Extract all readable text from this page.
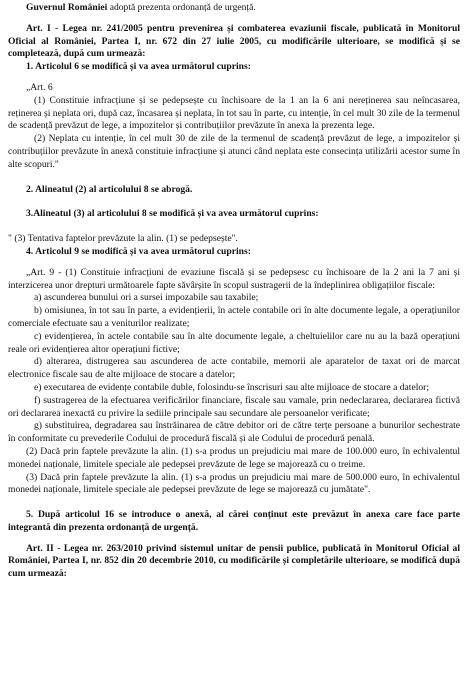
Guvernul României adoptă prezenta ordonanță de urgență.

Art. I - Legea nr. 241/2005 pentru prevenirea și combaterea evaziunii fiscale, publicată în Monitorul Oficial al României, Partea I, nr. 672 din 27 iulie 2005, cu modificările ulterioare, se modifică și se completează, după cum urmează:

1. Articolul 6 se modifică și va avea următorul cuprins:

„Art. 6

(1) Constituie infracțiune și se pedepsește cu închisoare de la 1 an la 6 ani nereținerea sau neîncasarea, reținerea și neplata ori, după caz, încasarea și neplata, în tot sau în parte, cu intenție, în cel mult 30 zile de la termenul de scadență prevăzut de lege, a impozitelor și contribuțiilor prevăzute în anexa la prezenta lege.

(2) Neplata cu intenție, în cel mult 30 de zile de la termenul de scadență prevăzut de lege, a impozitelor și contribuțiilor prevăzute în anexă constituie infracțiune și atunci când neplata este consecința utilizării acestor sume în alte scopuri."

2. Alineatul (2) al articolului 8 se abrogă.

3.Alineatul (3) al articolului 8 se modifică și va avea următorul cuprins:

" (3) Tentativa faptelor prevăzute la alin. (1) se pedepsește".

4. Articolul 9 se modifică și va avea următorul cuprins:

„Art. 9 - (1) Constituie infracțiuni de evaziune fiscală și se pedepsesc cu închisoare de la 2 ani la 7 ani și interzicerea unor drepturi următoarele fapte săvârșite în scopul sustragerii de la îndeplinirea obligațiilor fiscale:

a) ascunderea bunului ori a sursei impozabile sau taxabile;

b) omisiunea, în tot sau în parte, a evidențierii, în actele contabile ori în alte documente legale, a operațiunilor comerciale efectuate sau a veniturilor realizate;

c) evidențierea, în actele contabile sau în alte documente legale, a cheltuielilor care nu au la bază operațiuni reale ori evidențierea altor operațiuni fictive;

d) alterarea, distrugerea sau ascunderea de acte contabile, memorii ale aparatelor de taxat ori de marcat electronice fiscale sau de alte mijloace de stocare a datelor;

e) executarea de evidențe contabile duble, folosindu-se înscrisuri sau alte mijloace de stocare a datelor;

f) sustragerea de la efectuarea verificărilor financiare, fiscale sau vamale, prin nedeclararea, declararea fictivă ori declararea inexactă cu privire la sediile principale sau secundare ale persoanelor verificate;

g) substituirea, degradarea sau înstrăinarea de către debitor ori de către terțe persoane a bunurilor sechestrate în conformitate cu prevederile Codului de procedură fiscală și ale Codului de procedură penală.

(2) Dacă prin faptele prevăzute la alin. (1) s-a produs un prejudiciu mai mare de 100.000 euro, în echivalentul monedei naționale, limitele speciale ale pedepsei prevăzute de lege se majorează cu o treime.

(3) Dacă prin faptele prevăzute la alin. (1) s-a produs un prejudiciu mai mare de 500.000 euro, în echivalentul monedei naționale, limitele speciale ale pedepsei prevăzute de lege se majorează cu jumătate".

5. După articolul 16 se introduce o anexă, al cărei conținut este prevăzut în anexa care face parte integrantă din prezenta ordonanță de urgență.

Art. II - Legea nr. 263/2010 privind sistemul unitar de pensii publice, publicată în Monitorul Oficial al României, Partea I, nr. 852 din 20 decembrie 2010, cu modificările și completările ulterioare, se modifică după cum urmează:
